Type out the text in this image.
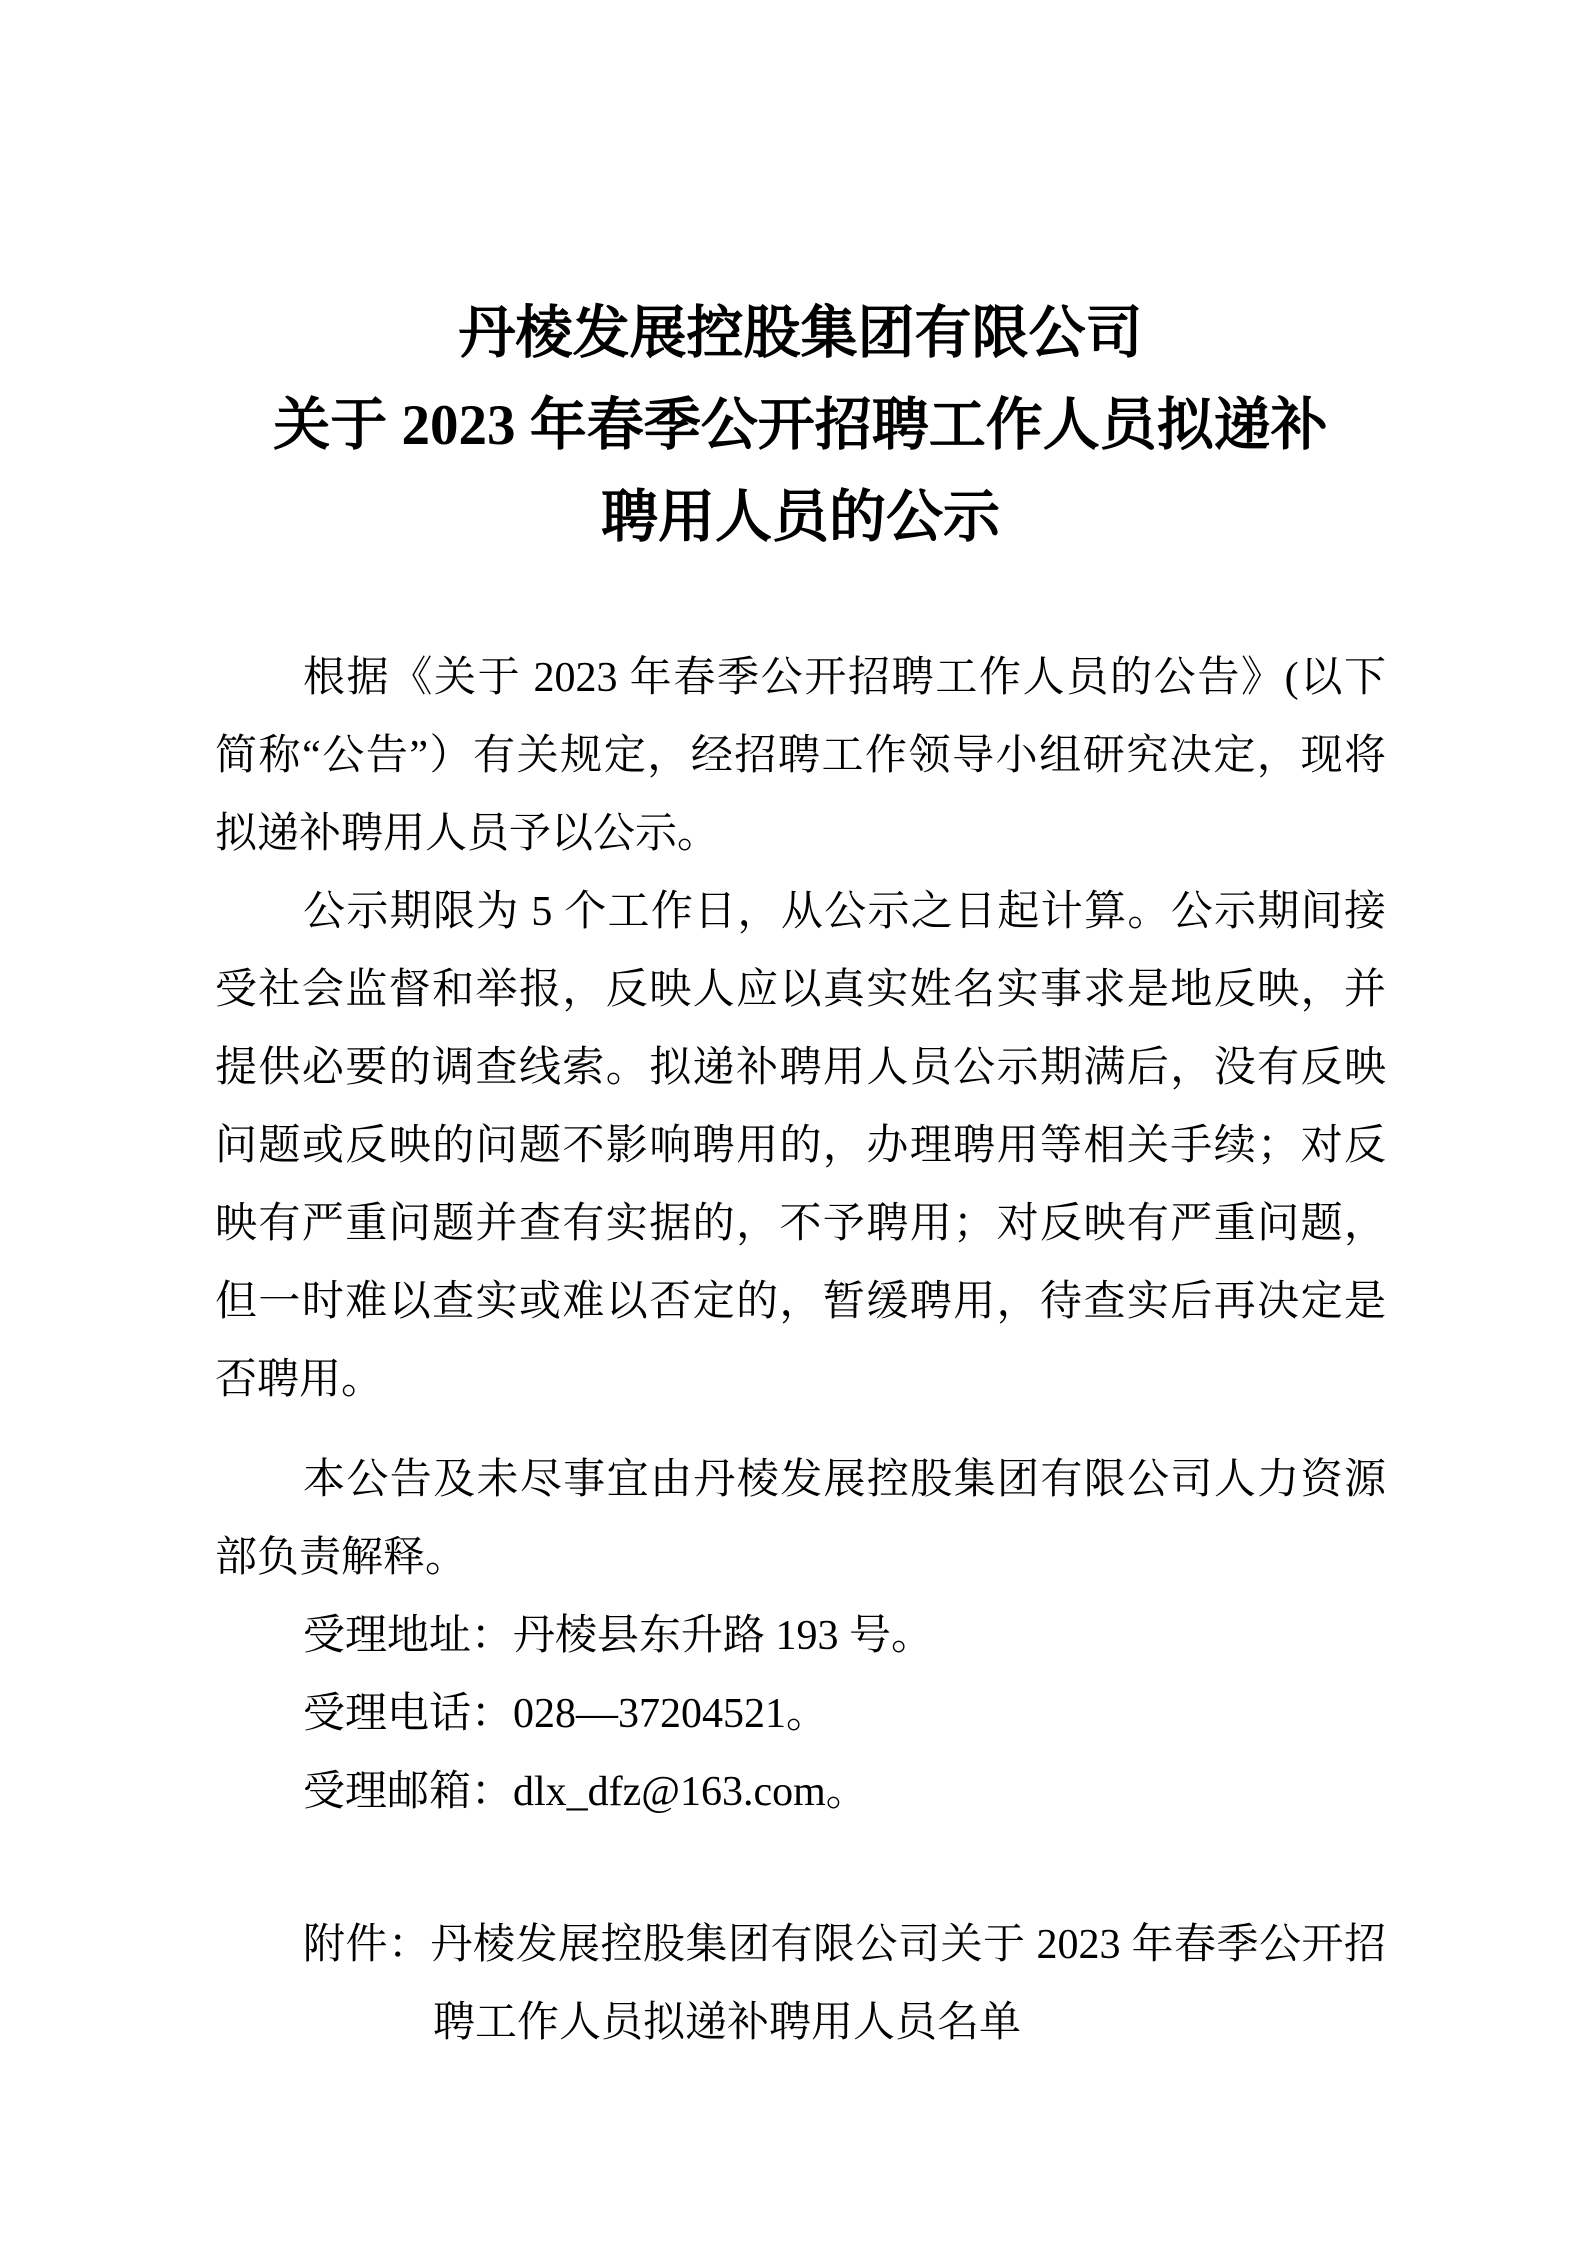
丹棱发展控股集团有限公司
关于 2023 年春季公开招聘工作人员拟递补
聘用人员的公示

根据《关于 2023 年春季公开招聘工作人员的公告》(以下简称“公告”）有关规定，经招聘工作领导小组研究决定，现将拟递补聘用人员予以公示。

公示期限为 5 个工作日，从公示之日起计算。公示期间接受社会监督和举报，反映人应以真实姓名实事求是地反映，并提供必要的调查线索。拟递补聘用人员公示期满后，没有反映问题或反映的问题不影响聘用的，办理聘用等相关手续；对反映有严重问题并查有实据的，不予聘用；对反映有严重问题，但一时难以查实或难以否定的，暂缓聘用，待查实后再决定是否聘用。

本公告及未尽事宜由丹棱发展控股集团有限公司人力资源部负责解释。

受理地址：丹棱县东升路 193 号。

受理电话：028—37204521。

受理邮箱：dlx_dfz@163.com。

附件：丹棱发展控股集团有限公司关于 2023 年春季公开招聘工作人员拟递补聘用人员名单
